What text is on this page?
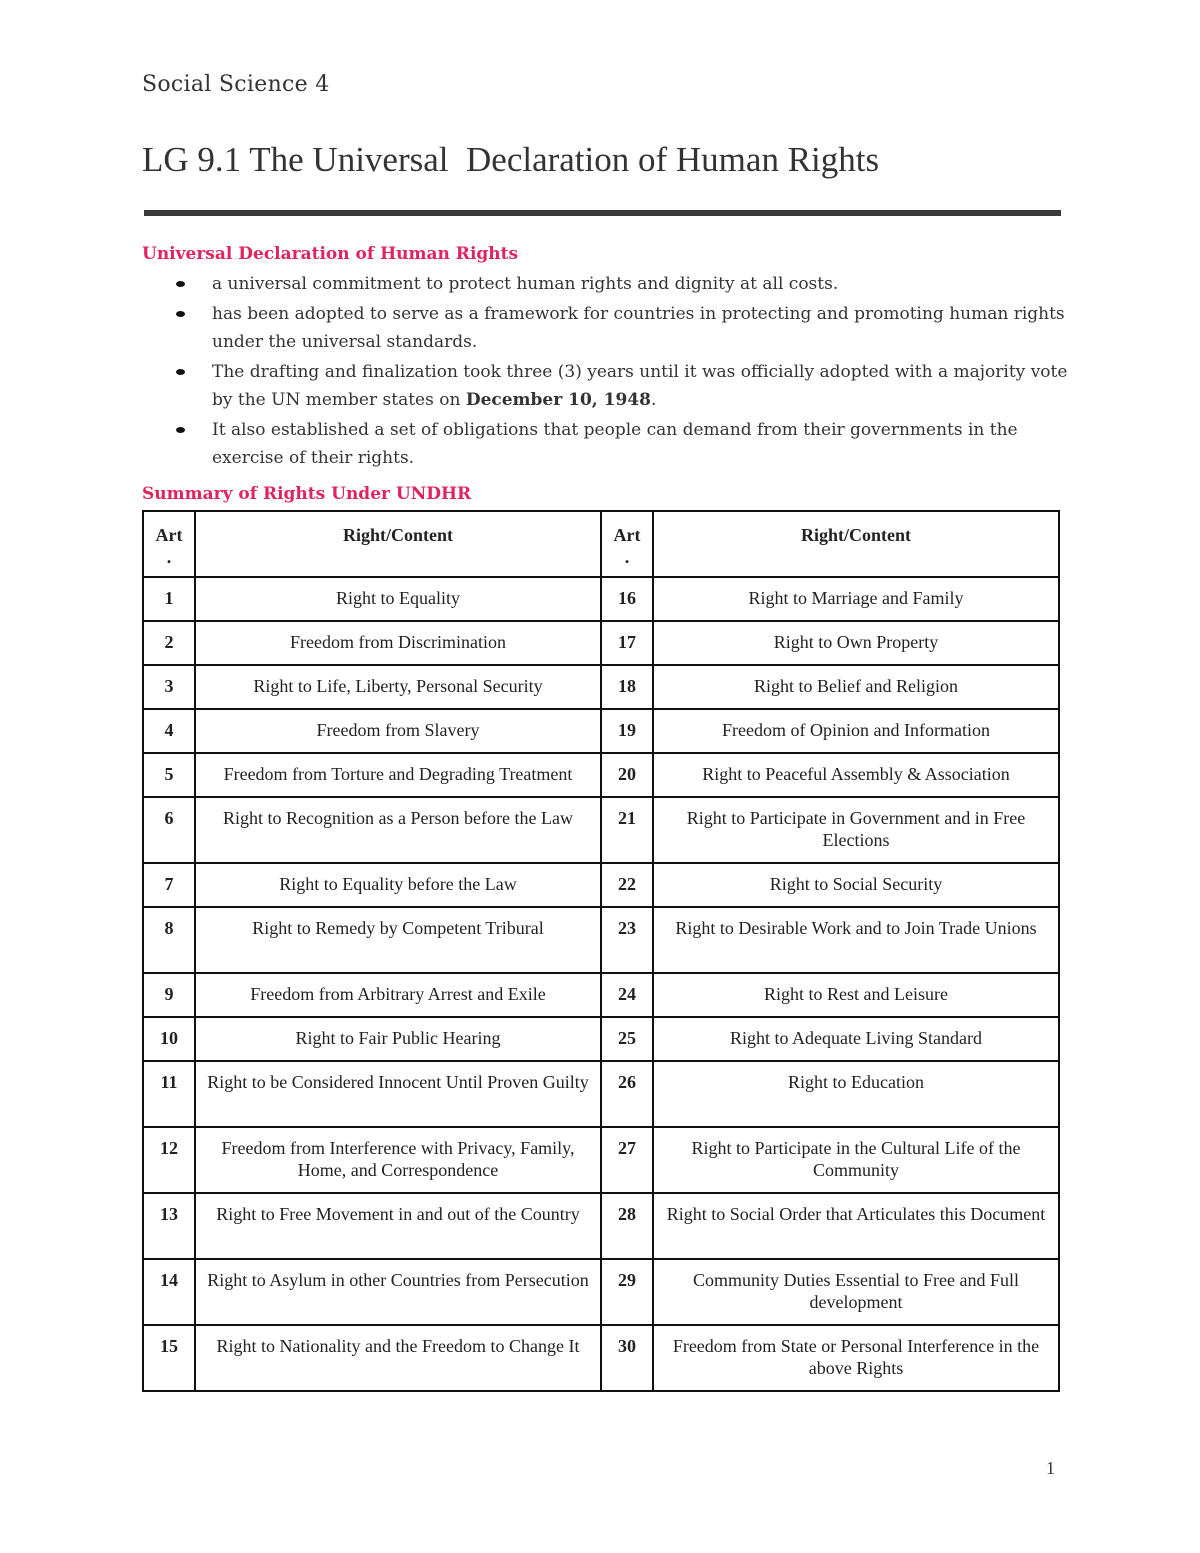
Social Science 4
LG 9.1 The Universal  Declaration of Human Rights
Universal Declaration of Human Rights
a universal commitment to protect human rights and dignity at all costs.
has been adopted to serve as a framework for countries in protecting and promoting human rights under the universal standards.
The drafting and finalization took three (3) years until it was officially adopted with a majority vote by the UN member states on December 10, 1948.
It also established a set of obligations that people can demand from their governments in the exercise of their rights.
Summary of Rights Under UNDHR
Art .	Right/Content	Art .	Right/Content
1	Right to Equality	16	Right to Marriage and Family
2	Freedom from Discrimination	17	Right to Own Property
3	Right to Life, Liberty, Personal Security	18	Right to Belief and Religion
4	Freedom from Slavery	19	Freedom of Opinion and Information
5	Freedom from Torture and Degrading Treatment	20	Right to Peaceful Assembly & Association
6	Right to Recognition as a Person before the Law	21	Right to Participate in Government and in Free Elections
7	Right to Equality before the Law	22	Right to Social Security
8	Right to Remedy by Competent Tribural	23	Right to Desirable Work and to Join Trade Unions
9	Freedom from Arbitrary Arrest and Exile	24	Right to Rest and Leisure
10	Right to Fair Public Hearing	25	Right to Adequate Living Standard
11	Right to be Considered Innocent Until Proven Guilty	26	Right to Education
12	Freedom from Interference with Privacy, Family, Home, and Correspondence	27	Right to Participate in the Cultural Life of the Community
13	Right to Free Movement in and out of the Country	28	Right to Social Order that Articulates this Document
14	Right to Asylum in other Countries from Persecution	29	Community Duties Essential to Free and Full development
15	Right to Nationality and the Freedom to Change It	30	Freedom from State or Personal Interference in the above Rights
1
